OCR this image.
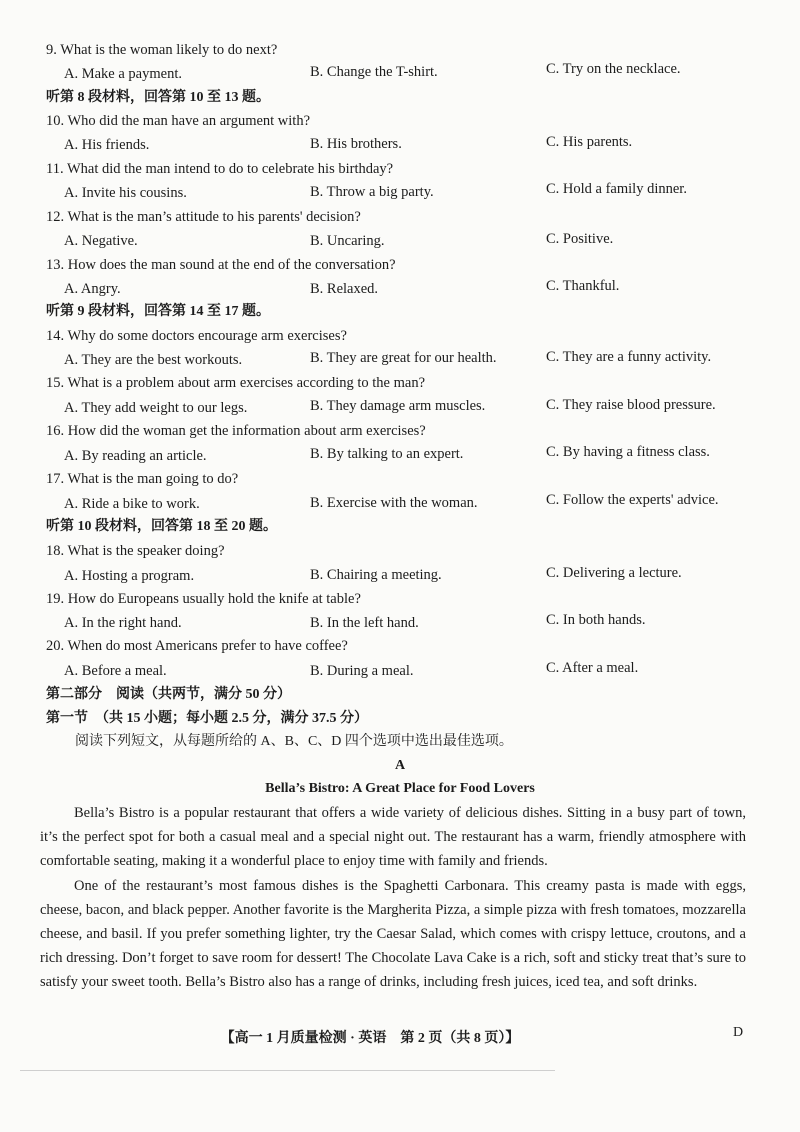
9. What is the woman likely to do next?
A. Make a payment.	B. Change the T-shirt.	C. Try on the necklace.
听第 8 段材料，回答第 10 至 13 题。
10. Who did the man have an argument with?
A. His friends.	B. His brothers.	C. His parents.
11. What did the man intend to do to celebrate his birthday?
A. Invite his cousins.	B. Throw a big party.	C. Hold a family dinner.
12. What is the man’s attitude to his parents' decision?
A. Negative.	B. Uncaring.	C. Positive.
13. How does the man sound at the end of the conversation?
A. Angry.	B. Relaxed.	C. Thankful.
听第 9 段材料，回答第 14 至 17 题。
14. Why do some doctors encourage arm exercises?
A. They are the best workouts.	B. They are great for our health.	C. They are a funny activity.
15. What is a problem about arm exercises according to the man?
A. They add weight to our legs.	B. They damage arm muscles.	C. They raise blood pressure.
16. How did the woman get the information about arm exercises?
A. By reading an article.	B. By talking to an expert.	C. By having a fitness class.
17. What is the man going to do?
A. Ride a bike to work.	B. Exercise with the woman.	C. Follow the experts' advice.
听第 10 段材料，回答第 18 至 20 题。
18. What is the speaker doing?
A. Hosting a program.	B. Chairing a meeting.	C. Delivering a lecture.
19. How do Europeans usually hold the knife at table?
A. In the right hand.	B. In the left hand.	C. In both hands.
20. When do most Americans prefer to have coffee?
A. Before a meal.	B. During a meal.	C. After a meal.
第二部分　阅读（共两节，满分 50 分）
第一节　（共 15 小题；每小题 2.5 分，满分 37.5 分）
阅读下列短文，从每题所给的 A、B、C、D 四个选项中选出最佳选项。
A
Bella’s Bistro: A Great Place for Food Lovers

Bella’s Bistro is a popular restaurant that offers a wide variety of delicious dishes. Sitting in a busy part of town, it’s the perfect spot for both a casual meal and a special night out. The restaurant has a warm, friendly atmosphere with comfortable seating, making it a wonderful place to enjoy time with family and friends.

One of the restaurant’s most famous dishes is the Spaghetti Carbonara. This creamy pasta is made with eggs, cheese, bacon, and black pepper. Another favorite is the Margherita Pizza, a simple pizza with fresh tomatoes, mozzarella cheese, and basil. If you prefer something lighter, try the Caesar Salad, which comes with crispy lettuce, croutons, and a rich dressing. Don’t forget to save room for dessert! The Chocolate Lava Cake is a rich, soft and sticky treat that’s sure to satisfy your sweet tooth. Bella’s Bistro also has a range of drinks, including fresh juices, iced tea, and soft drinks.

【高一 1 月质量检测 · 英语　第 2 页（共 8 页）】	D
